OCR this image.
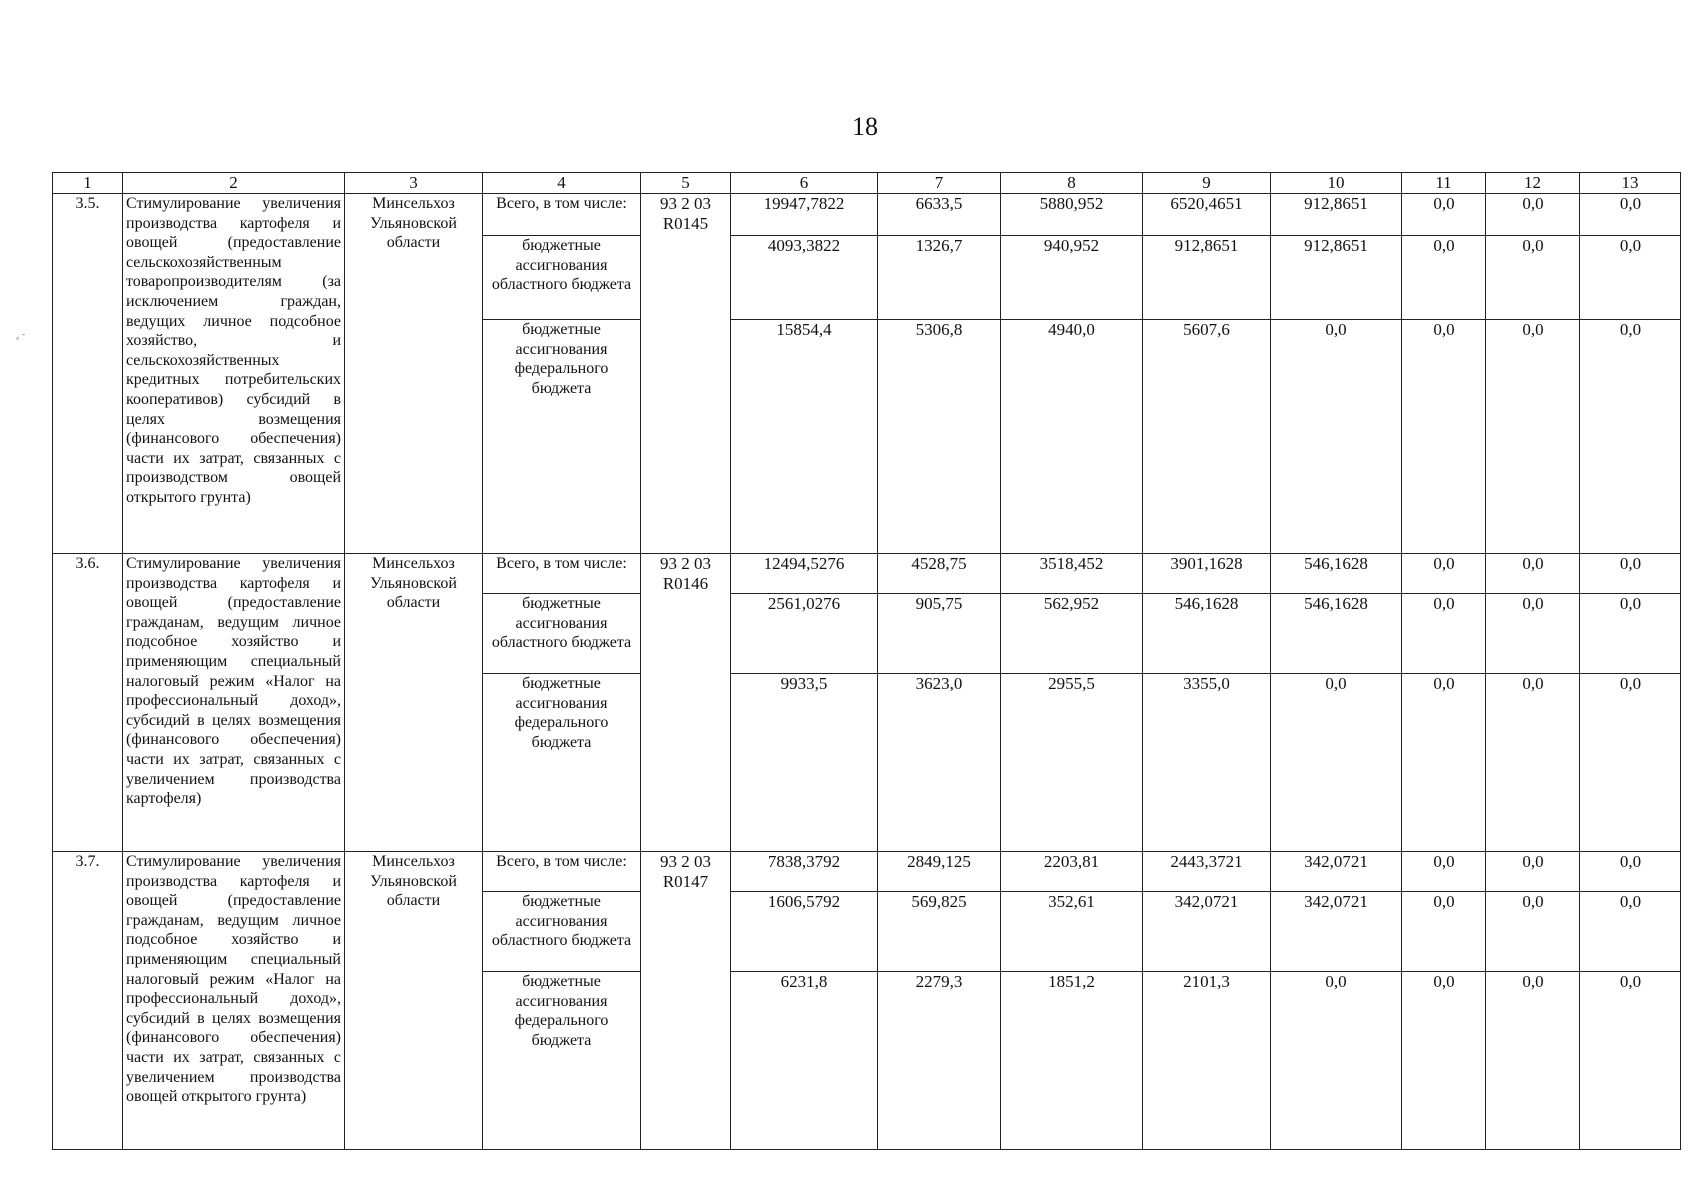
18
⸗ ˜
1	2	3	4	5	6	7	8	9	10	11	12	13
3.5.	Стимулирование увеличения производства картофеля и овощей (предоставление сельскохозяйственным товаропроизводителям (за исключением граждан, ведущих личное подсобное хозяйство, и сельскохозяйственных кредитных потребительских кооперативов) субсидий в целях возмещения (финансового обеспечения) части их затрат, связанных с производством овощей открытого грунта)	Минсельхоз Ульяновской области	Всего, в том числе:	93 2 03 R0145	19947,7822	6633,5	5880,952	6520,4651	912,8651	0,0	0,0	0,0
			бюджетные ассигнования областного бюджета		4093,3822	1326,7	940,952	912,8651	912,8651	0,0	0,0	0,0
			бюджетные ассигнования федерального бюджета		15854,4	5306,8	4940,0	5607,6	0,0	0,0	0,0	0,0
3.6.	Стимулирование увеличения производства картофеля и овощей (предоставление гражданам, ведущим личное подсобное хозяйство и применяющим специальный налоговый режим «Налог на профессиональный доход», субсидий в целях возмещения (финансового обеспечения) части их затрат, связанных с увеличением производства картофеля)	Минсельхоз Ульяновской области	Всего, в том числе:	93 2 03 R0146	12494,5276	4528,75	3518,452	3901,1628	546,1628	0,0	0,0	0,0
			бюджетные ассигнования областного бюджета		2561,0276	905,75	562,952	546,1628	546,1628	0,0	0,0	0,0
			бюджетные ассигнования федерального бюджета		9933,5	3623,0	2955,5	3355,0	0,0	0,0	0,0	0,0
3.7.	Стимулирование увеличения производства картофеля и овощей (предоставление гражданам, ведущим личное подсобное хозяйство и применяющим специальный налоговый режим «Налог на профессиональный доход», субсидий в целях возмещения (финансового обеспечения) части их затрат, связанных с увеличением производства овощей открытого грунта)	Минсельхоз Ульяновской области	Всего, в том числе:	93 2 03 R0147	7838,3792	2849,125	2203,81	2443,3721	342,0721	0,0	0,0	0,0
			бюджетные ассигнования областного бюджета		1606,5792	569,825	352,61	342,0721	342,0721	0,0	0,0	0,0
			бюджетные ассигнования федерального бюджета		6231,8	2279,3	1851,2	2101,3	0,0	0,0	0,0	0,0
